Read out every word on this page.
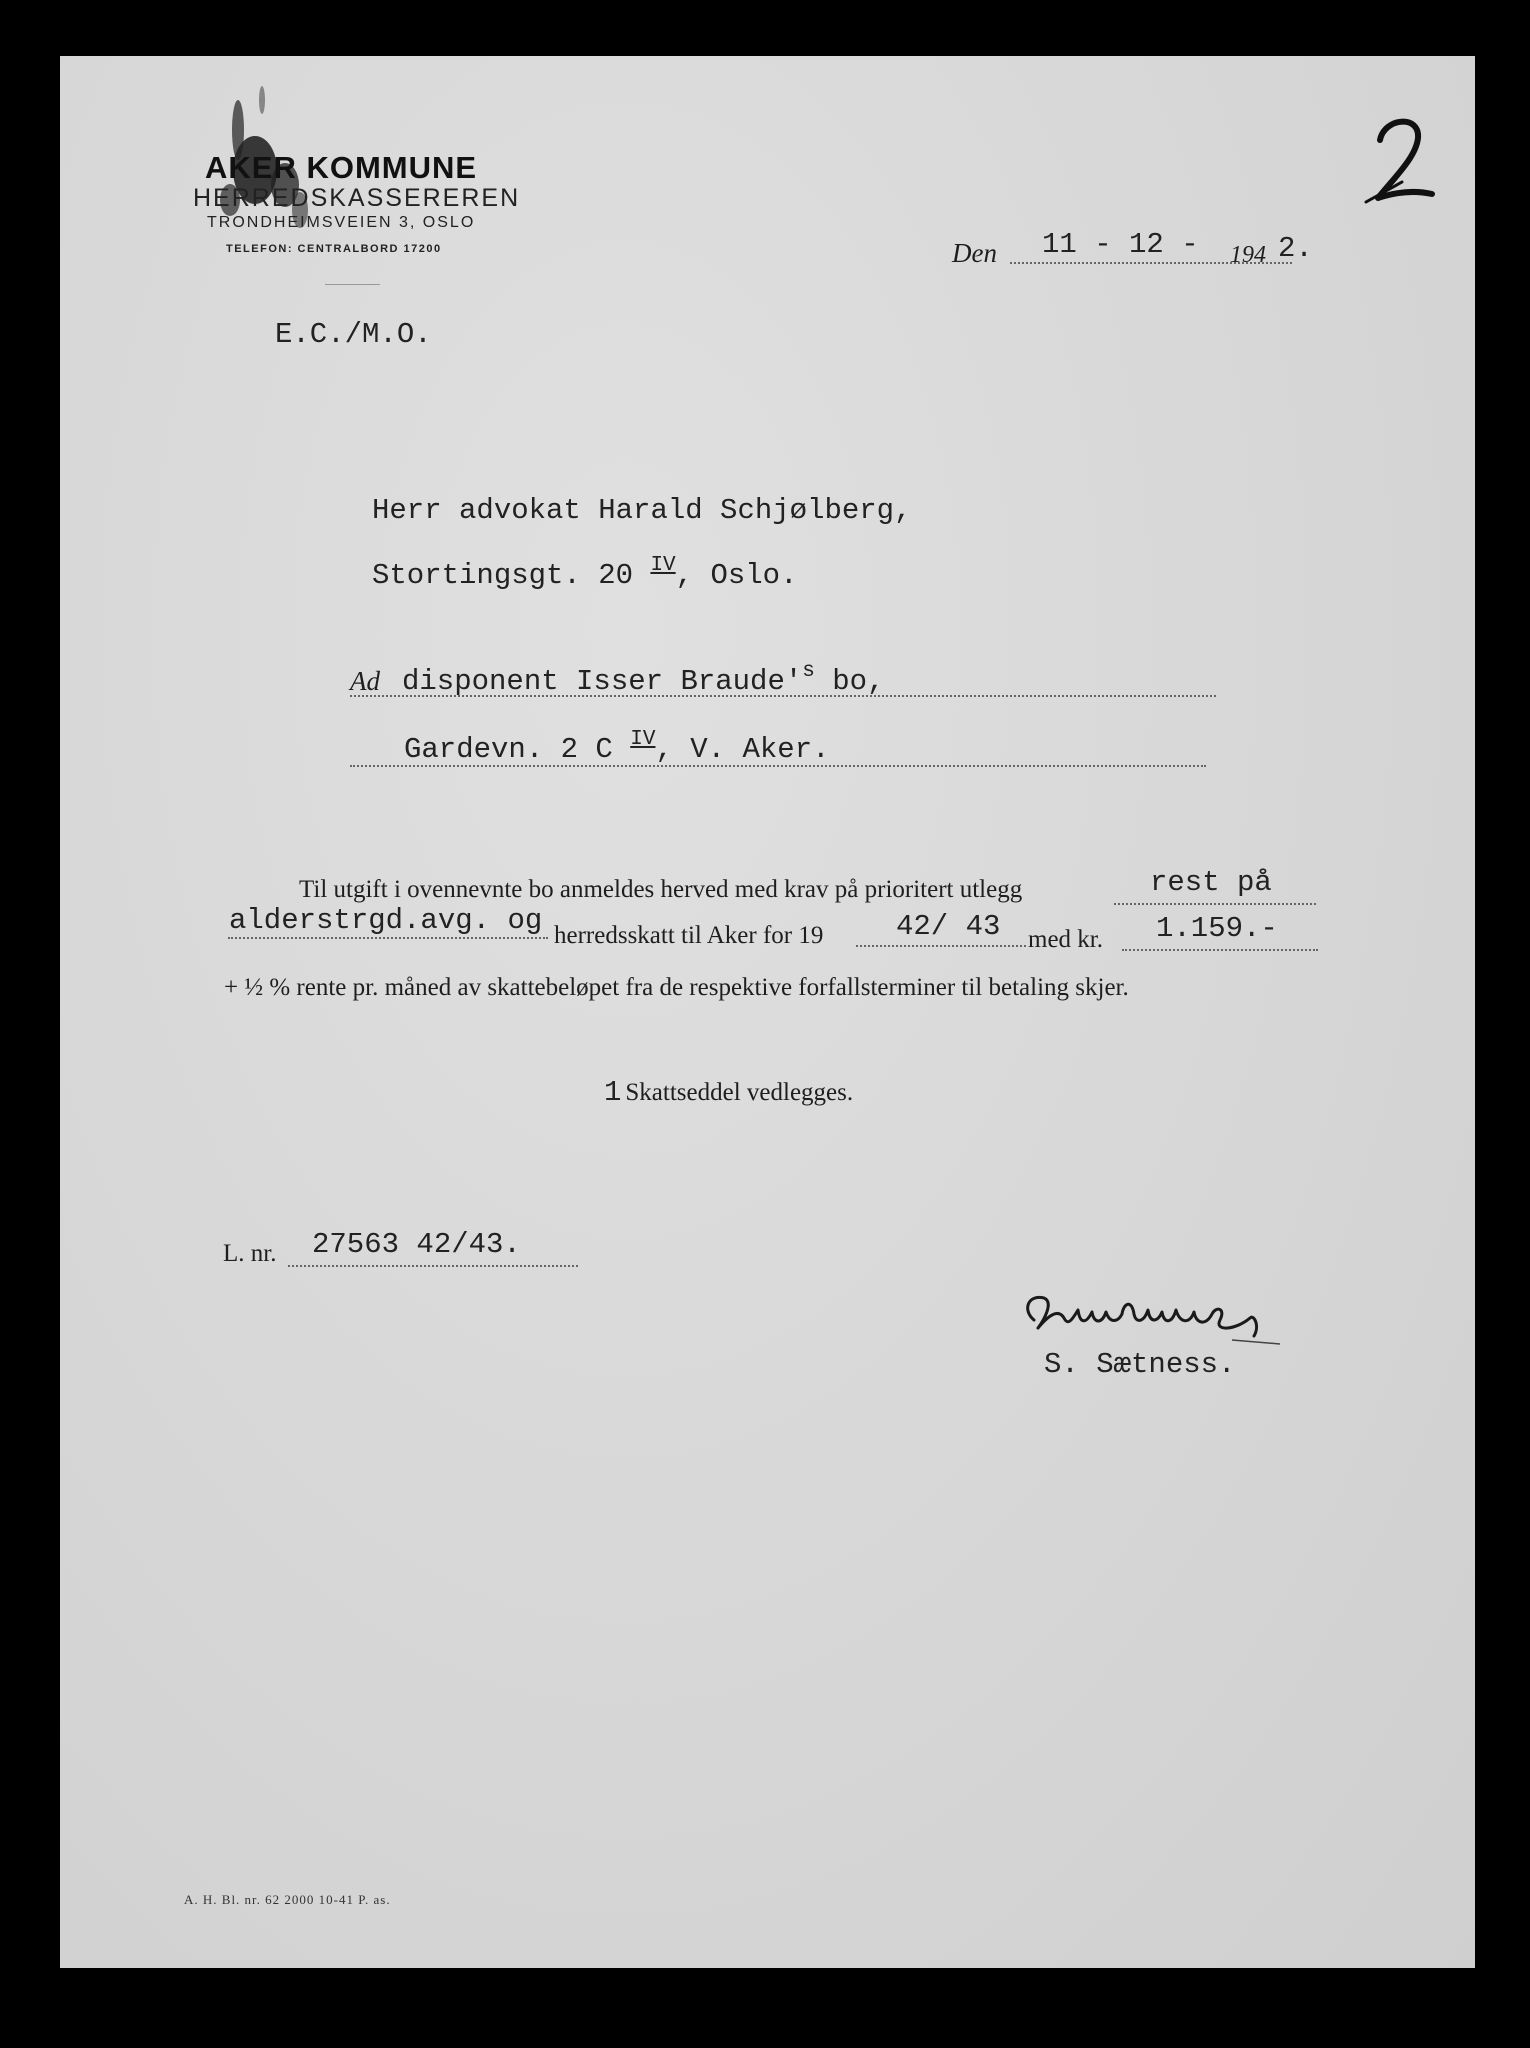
AKER KOMMUNE
HERREDSKASSEREREN
TRONDHEIMSVEIEN 3, OSLO
TELEFON: CENTRALBORD 17200
2
Den 11 - 12 - 194 2.
E.C./M.O.
Herr advokat Harald Schjølberg,
Stortingsgt. 20 $^{IV}$, Oslo.
Ad disponent Isser $Braude'^s$ bo,
Gardevn. 2 C $^{IV}$, V. Aker.
Til utgift i ovennevnte bo anmeldes herved med krav på prioritert utlegg	rest på
alderstrgd.avg. og herredsskatt til Aker for 19	42/ 43 med kr. 1.159.-
+ ½ % rente pr. måned av skattebeløpet fra de respektive forfallsterminer til betaling skjer.
1 Skattseddel vedlegges.
L. nr. 27563 42/43.
S. Sætness.
A. H. Bl. nr. 62 2000 10-41 P. as.
